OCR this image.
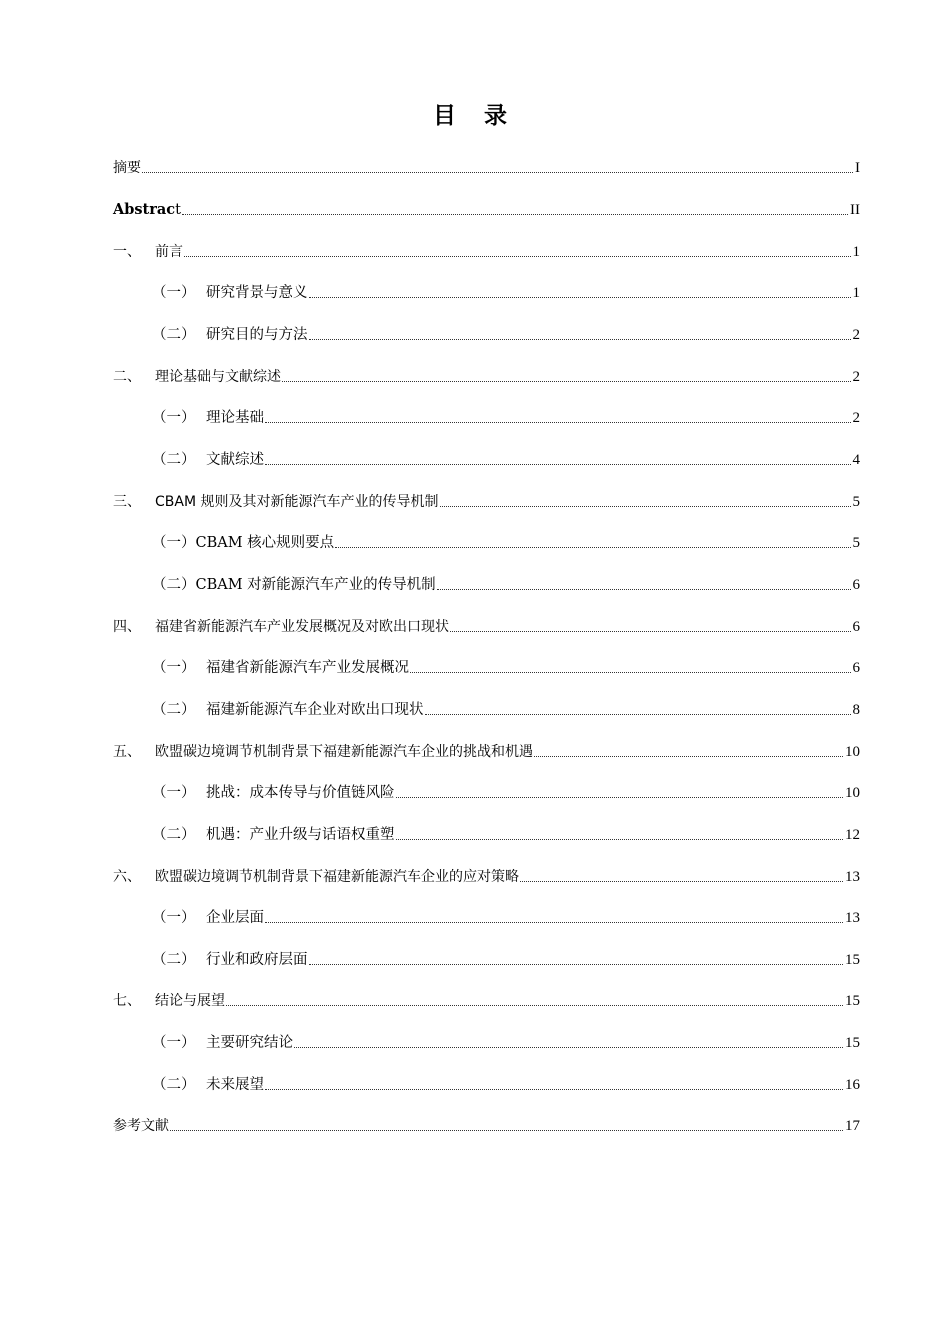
目 录
摘要	I
Abstract	II
一、	前言	1
（一） 研究背景与意义	1
（二） 研究目的与方法	2
二、	理论基础与文献综述	2
（一） 理论基础	2
（二） 文献综述	4
三、	CBAM 规则及其对新能源汽车产业的传导机制	5
（一） CBAM 核心规则要点	5
（二） CBAM 对新能源汽车产业的传导机制	6
四、	福建省新能源汽车产业发展概况及对欧出口现状	6
（一） 福建省新能源汽车产业发展概况	6
（二） 福建新能源汽车企业对欧出口现状	8
五、	欧盟碳边境调节机制背景下福建新能源汽车企业的挑战和机遇	10
（一） 挑战：成本传导与价值链风险	10
（二） 机遇：产业升级与话语权重塑	12
六、	欧盟碳边境调节机制背景下福建新能源汽车企业的应对策略	13
（一） 企业层面	13
（二） 行业和政府层面	15
七、	结论与展望	15
（一） 主要研究结论	15
（二） 未来展望	16
参考文献	17
